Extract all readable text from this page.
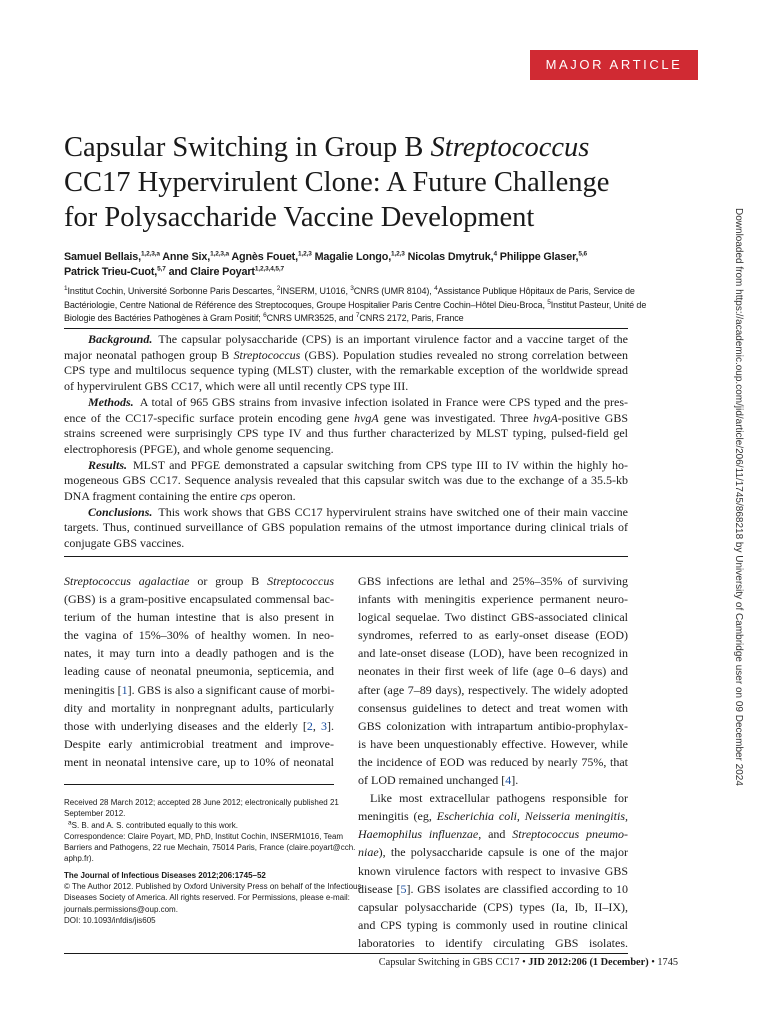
MAJOR ARTICLE
Capsular Switching in Group B Streptococcus
CC17 Hypervirulent Clone: A Future Challenge
for Polysaccharide Vaccine Development
Samuel Bellais,$^{1,2,3,a}$ Anne Six,$^{1,2,3,a}$ Agnès Fouet,$^{1,2,3}$ Magalie Longo,$^{1,2,3}$ Nicolas Dmytruk,$^4$ Philippe Glaser,$^{5,6}$
Patrick Trieu-Cuot,$^{5,7}$ and Claire Poyart$^{1,2,3,4,5,7}$
$^1$Institut Cochin, Université Sorbonne Paris Descartes, $^2$INSERM, U1016, $^3$CNRS (UMR 8104), $^4$Assistance Publique Hôpitaux de Paris, Service de
Bactériologie, Centre National de Référence des Streptocoques, Groupe Hospitalier Paris Centre Cochin–Hôtel Dieu-Broca, $^5$Institut Pasteur, Unité de
Biologie des Bactéries Pathogènes à Gram Positif; $^6$CNRS UMR3525, and $^7$CNRS 2172, Paris, France
  Background.  The capsular polysaccharide (CPS) is an important virulence factor and a vaccine target of the
major neonatal pathogen group B Streptococcus (GBS). Population studies revealed no strong correlation between
CPS type and multilocus sequence typing (MLST) cluster, with the remarkable exception of the worldwide spread
of hypervirulent GBS CC17, which were all until recently CPS type III.
  Methods.  A total of 965 GBS strains from invasive infection isolated in France were CPS typed and the pres-
ence of the CC17-specific surface protein encoding gene hvgA gene was investigated. Three hvgA-positive GBS
strains screened were surprisingly CPS type IV and thus further characterized by MLST typing, pulsed-field gel
electrophoresis (PFGE), and whole genome sequencing.
  Results.  MLST and PFGE demonstrated a capsular switching from CPS type III to IV within the highly ho-
mogeneous GBS CC17. Sequence analysis revealed that this capsular switch was due to the exchange of a 35.5-kb
DNA fragment containing the entire cps operon.
  Conclusions.  This work shows that GBS CC17 hypervirulent strains have switched one of their main vaccine
targets. Thus, continued surveillance of GBS population remains of the utmost importance during clinical trials of
conjugate GBS vaccines.
Streptococcus agalactiae or group B Streptococcus
(GBS) is a gram-positive encapsulated commensal bac-
terium of the human intestine that is also present in
the vagina of 15%–30% of healthy women. In neo-
nates, it may turn into a deadly pathogen and is the
leading cause of neonatal pneumonia, septicemia, and
meningitis [1]. GBS is also a significant cause of morbi-
dity and mortality in nonpregnant adults, particularly
those with underlying diseases and the elderly [2, 3].
Despite early antimicrobial treatment and improve-
ment in neonatal intensive care, up to 10% of neonatal
Received 28 March 2012; accepted 28 June 2012; electronically published 21
September 2012.
 $^a$S. B. and A. S. contributed equally to this work.
Correspondence: Claire Poyart, MD, PhD, Institut Cochin, INSERM1016, Team
Barriers and Pathogens, 22 rue Mechain, 75014 Paris, France (claire.poyart@cch.
aphp.fr).
The Journal of Infectious Diseases 2012;206:1745–52
© The Author 2012. Published by Oxford University Press on behalf of the Infectious
Diseases Society of America. All rights reserved. For Permissions, please e-mail:
journals.permissions@oup.com.
DOI: 10.1093/infdis/jis605
GBS infections are lethal and 25%–35% of surviving
infants with meningitis experience permanent neuro-
logical sequelae. Two distinct GBS-associated clinical
syndromes, referred to as early-onset disease (EOD)
and late-onset disease (LOD), have been recognized in
neonates in their first week of life (age 0–6 days) and
after (age 7–89 days), respectively. The widely adopted
consensus guidelines to detect and treat women with
GBS colonization with intrapartum antibio-prophylax-
is have been unquestionably effective. However, while
the incidence of EOD was reduced by nearly 75%, that
of LOD remained unchanged [4].
 Like most extracellular pathogens responsible for
meningitis (eg, Escherichia coli, Neisseria meningitis,
Haemophilus influenzae, and Streptococcus pneumo-
niae), the polysaccharide capsule is one of the major
known virulence factors with respect to invasive GBS
disease [5]. GBS isolates are classified according to 10
capsular polysaccharide (CPS) types (Ia, Ib, II–IX),
and CPS typing is commonly used in routine clinical
laboratories to identify circulating GBS isolates.
Capsular Switching in GBS CC17 • JID 2012:206 (1 December) • 1745
Downloaded from https://academic.oup.com/jid/article/206/11/1745/868218 by University of Cambridge user on 09 December 2024
